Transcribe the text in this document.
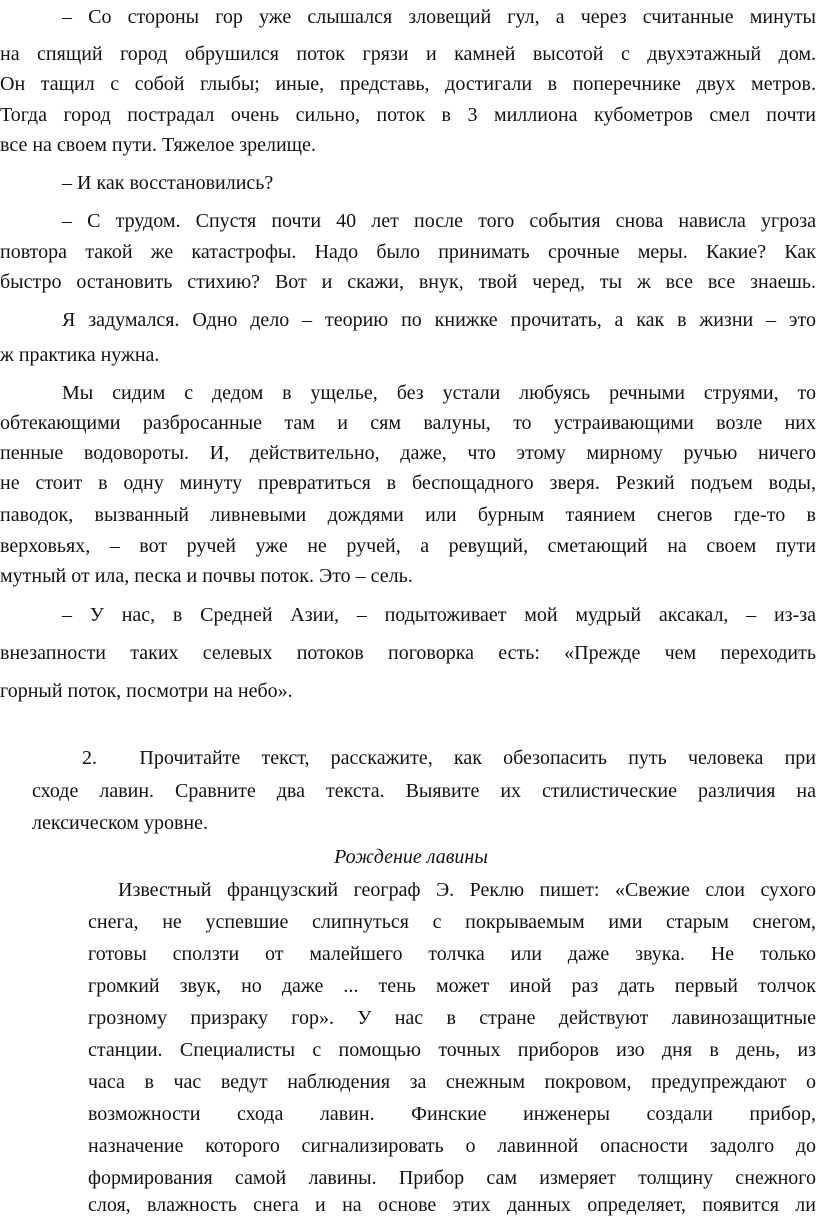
– Со стороны гор уже слышался зловещий гул, а через считанные минуты
на спящий город обрушился поток грязи и камней высотой с двухэтажный дом.
Он тащил с собой глыбы; иные, представь, достигали в поперечнике двух метров.
Тогда город пострадал очень сильно, поток в 3 миллиона кубометров смел почти
все на своем пути. Тяжелое зрелище.
– И как восстановились?
– С трудом. Спустя почти 40 лет после того события снова нависла угроза
повтора такой же катастрофы. Надо было принимать срочные меры. Какие? Как
быстро остановить стихию? Вот и скажи, внук, твой черед, ты ж все все знаешь.
Я задумался. Одно дело – теорию по книжке прочитать, а как в жизни – это
ж практика нужна.
Мы сидим с дедом в ущелье, без устали любуясь речными струями, то
обтекающими разбросанные там и сям валуны, то устраивающими возле них
пенные водовороты. И, действительно, даже, что этому мирному ручью ничего
не стоит в одну минуту превратиться в беспощадного зверя. Резкий подъем воды,
паводок, вызванный ливневыми дождями или бурным таянием снегов где-то в
верховьях, – вот ручей уже не ручей, а ревущий, сметающий на своем пути
мутный от ила, песка и почвы поток. Это – сель.
– У нас, в Средней Азии, – подытоживает мой мудрый аксакал, – из-за
внезапности таких селевых потоков поговорка есть: «Прежде чем переходить
горный поток, посмотри на небо».
2.  Прочитайте текст, расскажите, как обезопасить путь человека при
сходе лавин. Сравните два текста. Выявите их стилистические различия на
лексическом уровне.
Рождение лавины
Известный французский географ Э. Реклю пишет: «Свежие слои сухого
снега, не успевшие слипнуться с покрываемым ими старым снегом,
готовы сползти от малейшего толчка или даже звука. Не только
громкий звук, но даже ... тень может иной раз дать первый толчок
грозному призраку гор». У нас в стране действуют лавинозащитные
станции. Специалисты с помощью точных приборов изо дня в день, из
часа в час ведут наблюдения за снежным покровом, предупреждают о
возможности схода лавин. Финские инженеры создали прибор,
назначение которого сигнализировать о лавинной опасности задолго до
формирования самой лавины. Прибор сам измеряет толщину снежного
слоя, влажность снега и на основе этих данных определяет, появится ли
